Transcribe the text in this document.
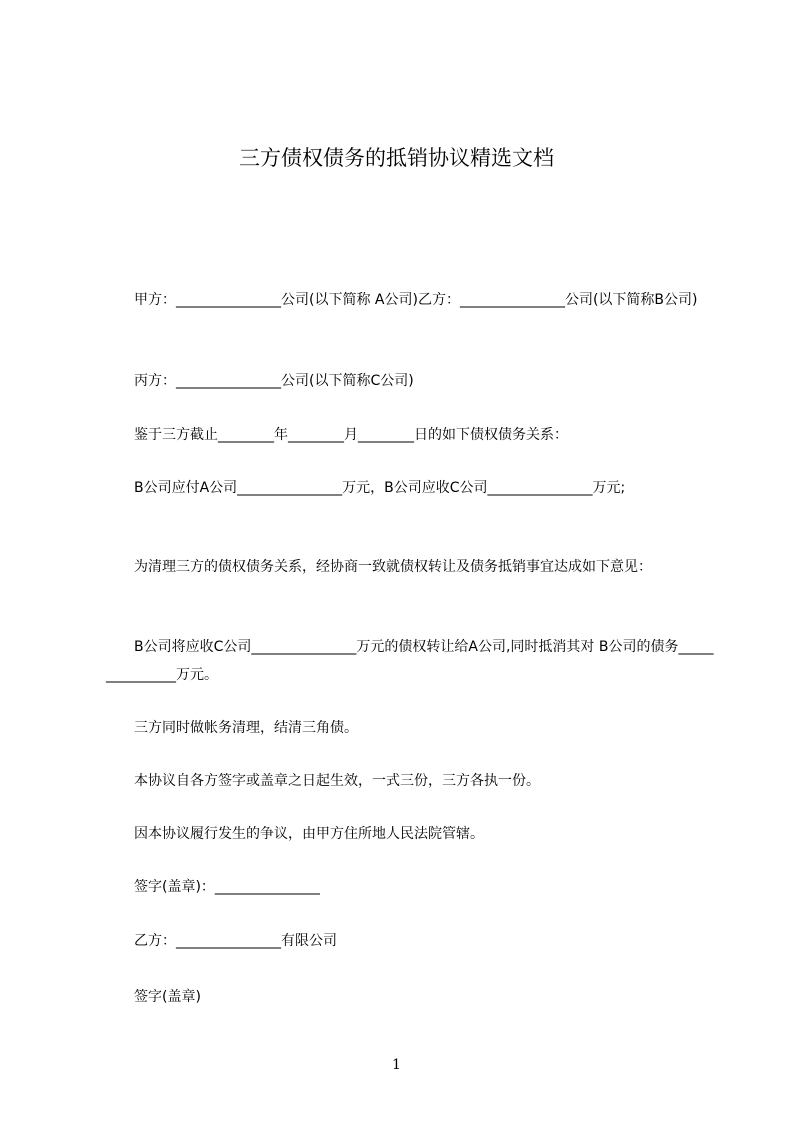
三方债权债务的抵销协议精选文档
　　甲方：_______________公司(以下简称 A公司)乙方：_______________公司(以下简称B公司)
　　丙方：_______________公司(以下简称C公司)
　　鉴于三方截止________年________月________日的如下债权债务关系：
　　B公司应付A公司_______________万元，B公司应收C公司_______________万元;
　　为清理三方的债权债务关系，经协商一致就债权转让及债务抵销事宜达成如下意见：
　　B公司将应收C公司_______________万元的债权转让给A公司,同时抵消其对 B公司的债务_______________万元。
　　三方同时做帐务清理，结清三角债。
　　本协议自各方签字或盖章之日起生效，一式三份，三方各执一份。
　　因本协议履行发生的争议，由甲方住所地人民法院管辖。
　　签字(盖章)：_______________
　　乙方：_______________有限公司
　　签字(盖章)
1
